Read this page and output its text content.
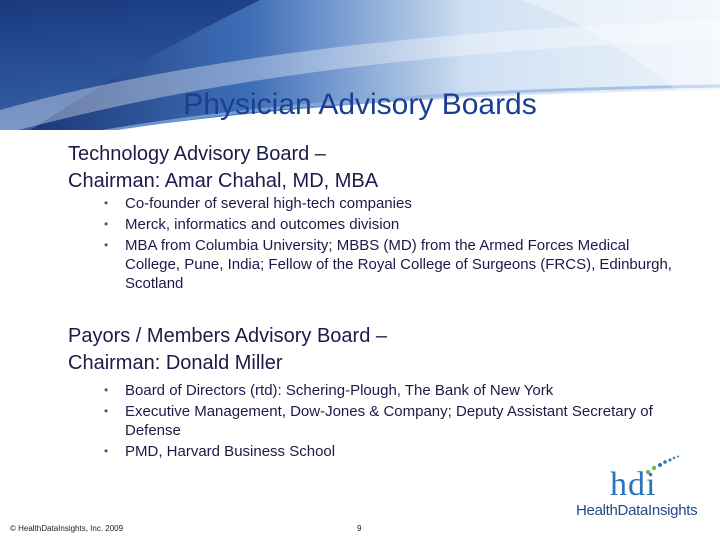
Physician Advisory Boards

Technology Advisory Board –
Chairman: Amar Chahal, MD, MBA

• Co-founder of several high-tech companies
• Merck, informatics and outcomes division
• MBA from Columbia University; MBBS (MD) from the Armed Forces Medical College, Pune, India; Fellow of the Royal College of Surgeons (FRCS), Edinburgh, Scotland

Payors / Members Advisory Board –
Chairman: Donald Miller

• Board of Directors (rtd): Schering-Plough, The Bank of New York
• Executive Management, Dow-Jones & Company; Deputy Assistant Secretary of Defense
• PMD, Harvard Business School
hdi
HealthDataInsights
© HealthDataInsights, Inc. 2009	9
